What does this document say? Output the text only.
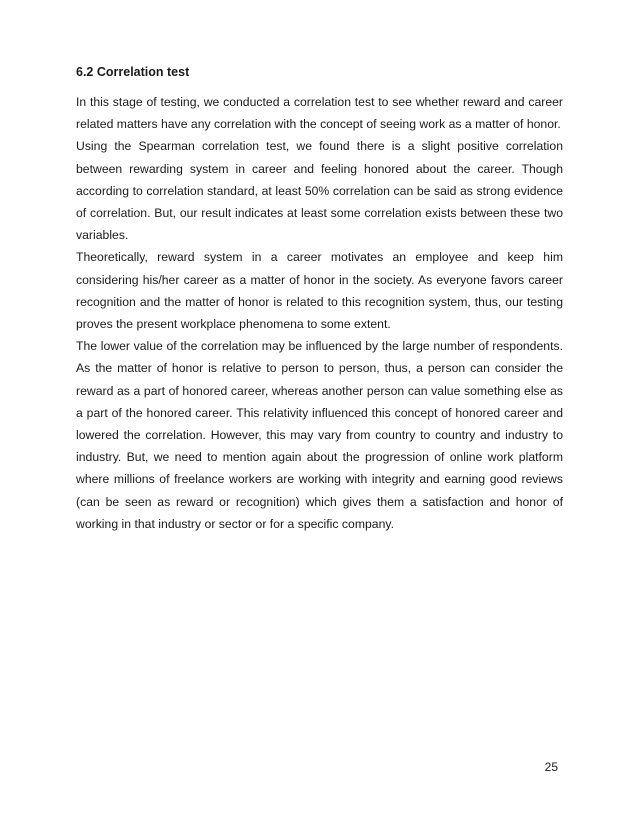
6.2 Correlation test

In this stage of testing, we conducted a correlation test to see whether reward and career related matters have any correlation with the concept of seeing work as a matter of honor.

Using the Spearman correlation test, we found there is a slight positive correlation between rewarding system in career and feeling honored about the career. Though according to correlation standard, at least 50% correlation can be said as strong evidence of correlation. But, our result indicates at least some correlation exists between these two variables.

Theoretically, reward system in a career motivates an employee and keep him considering his/her career as a matter of honor in the society. As everyone favors career recognition and the matter of honor is related to this recognition system, thus, our testing proves the present workplace phenomena to some extent.

The lower value of the correlation may be influenced by the large number of respondents. As the matter of honor is relative to person to person, thus, a person can consider the reward as a part of honored career, whereas another person can value something else as a part of the honored career. This relativity influenced this concept of honored career and lowered the correlation. However, this may vary from country to country and industry to industry. But, we need to mention again about the progression of online work platform where millions of freelance workers are working with integrity and earning good reviews (can be seen as reward or recognition) which gives them a satisfaction and honor of working in that industry or sector or for a specific company.

25
